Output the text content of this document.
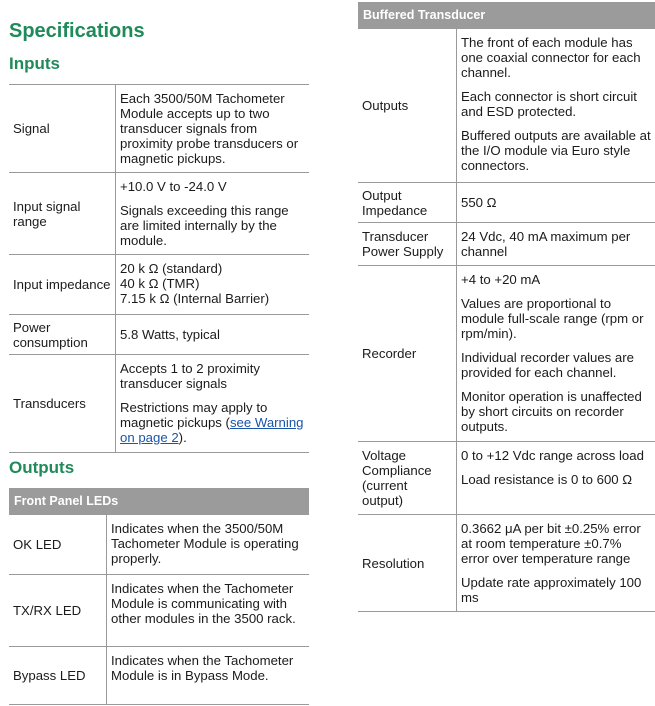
Specifications
Inputs
Signal	Each 3500/50M Tachometer Module accepts up to two transducer signals from proximity probe transducers or magnetic pickups.

Input signal range	+10.0 V to -24.0 V

Signals exceeding this range are limited internally by the module.

Input impedance	20 k Ω (standard)
40 k Ω (TMR)
7.15 k Ω (Internal Barrier)

Power consumption	5.8 Watts, typical

Transducers	Accepts 1 to 2 proximity transducer signals

Restrictions may apply to magnetic pickups (see Warning on page 2).

Outputs
Front Panel LEDs	
OK LED	Indicates when the 3500/50M Tachometer Module is operating properly.

TX/RX LED	Indicates when the Tachometer Module is communicating with other modules in the 3500 rack.

Bypass LED	Indicates when the Tachometer Module is in Bypass Mode.

Buffered Transducer	
Outputs	The front of each module has one coaxial connector for each channel.

Each connector is short circuit and ESD protected.

Buffered outputs are available at the I/O module via Euro style connectors.

Output Impedance	550 Ω

Transducer Power Supply	24 Vdc, 40 mA maximum per channel

Recorder	+4 to +20 mA

Values are proportional to module full-scale range (rpm or rpm/min).

Individual recorder values are provided for each channel.

Monitor operation is unaffected by short circuits on recorder outputs.

Voltage Compliance (current output)	0 to +12 Vdc range across load

Load resistance is 0 to 600 Ω

Resolution	0.3662 μA per bit ±0.25% error at room temperature ±0.7% error over temperature range

Update rate approximately 100 ms
